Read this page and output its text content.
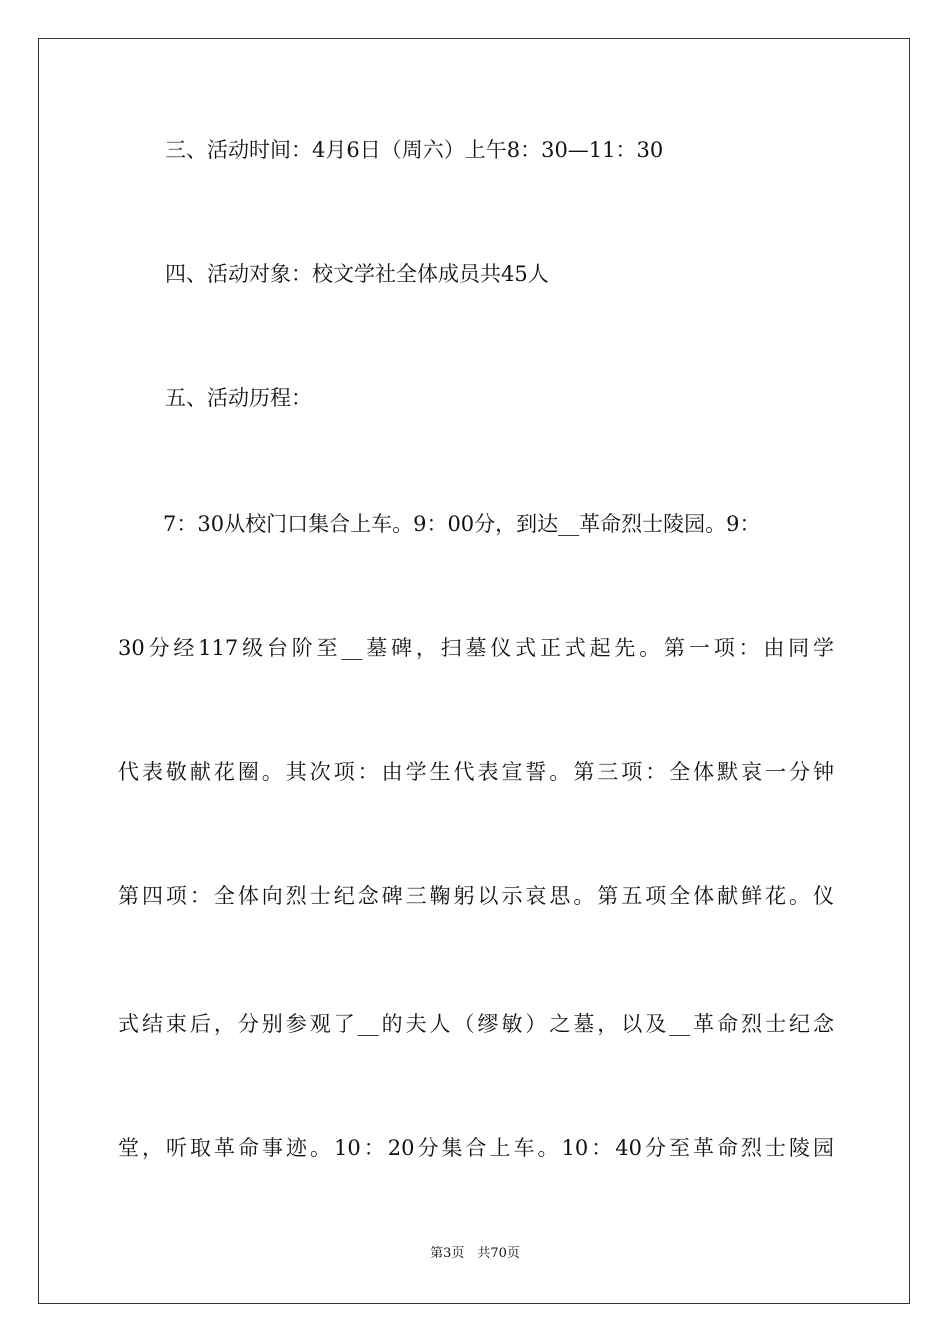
三、活动时间：4月6日（周六）上午8：30—11：30
四、活动对象：校文学社全体成员共45人
五、活动历程：
7：30从校门口集合上车。9：00分，到达__革命烈士陵园。9：
30分经117级台阶至__墓碑，扫墓仪式正式起先。第一项：由同学
代表敬献花圈。其次项：由学生代表宣誓。第三项：全体默哀一分钟
第四项：全体向烈士纪念碑三鞠躬以示哀思。第五项全体献鲜花。仪
式结束后，分别参观了__的夫人（缪敏）之墓，以及__革命烈士纪念
堂，听取革命事迹。10：20分集合上车。10：40分至革命烈士陵园
第3页　共70页
